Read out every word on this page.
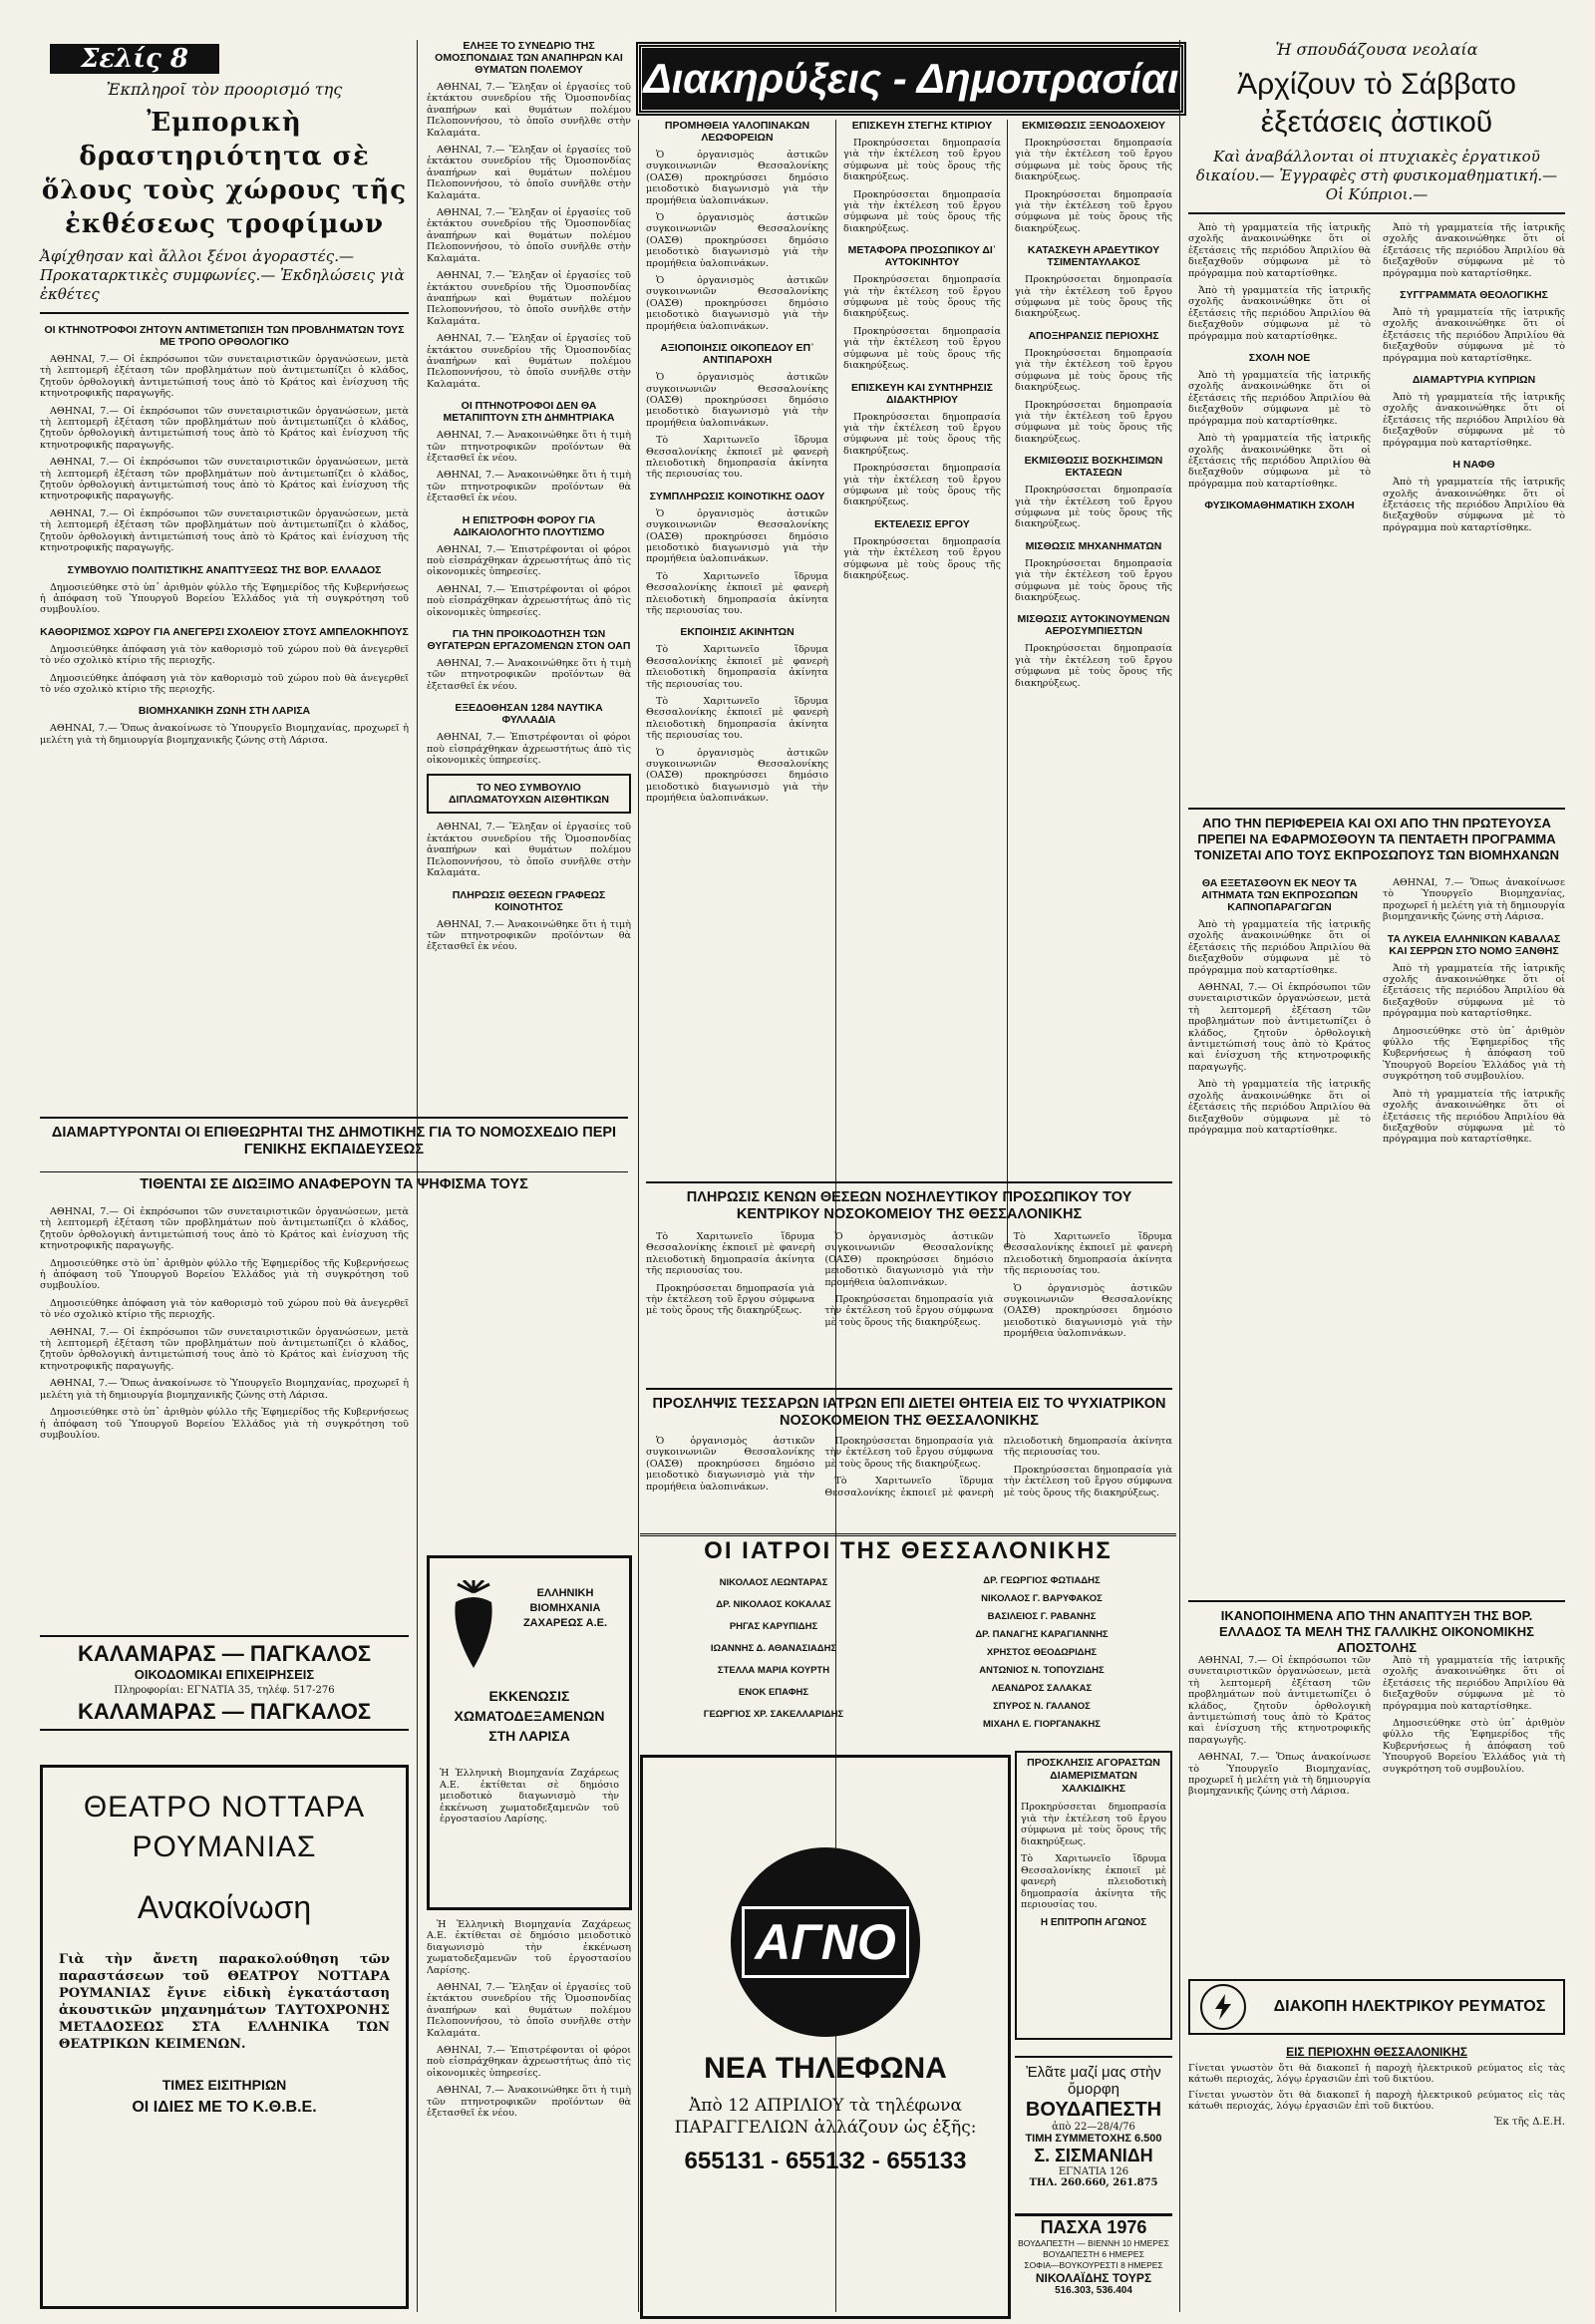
Σελίς 8	Διακηρύξεις - Δημοπρασίαι
Ἐκπληροῖ τὸν προορισμό της
Ἐμπορικὴ δραστηριότητα σὲ ὅλους τοὺς χώρους τῆς ἐκθέσεως τροφίμων
Ἀφίχθησαν καὶ ἄλλοι ξένοι ἀγοραστές.— Προκαταρκτικὲς συμφωνίες.— Ἐκδηλώσεις γιὰ ἐκθέτες
ΟΙ ΚΤΗΝΟΤΡΟΦΟΙ ΖΗΤΟΥΝ ΑΝΤΙΜΕΤΩΠΙΣΗ ΤΩΝ ΠΡΟΒΛΗΜΑΤΩΝ ΤΟΥΣ ΜΕ ΤΡΟΠΟ ΟΡΘΟΛΟΓΙΚΟ

ΑΘΗΝΑΙ, 7.— Οἱ ἐκπρόσωποι τῶν συνεταιριστικῶν ὀργανώσεων, μετὰ τὴ λεπτομερῆ ἐξέταση τῶν προβλημάτων ποὺ ἀντιμετωπίζει ὁ κλάδος, ζητοῦν ὀρθολογικὴ ἀντιμετώπισή τους ἀπὸ τὸ Κράτος καὶ ἐνίσχυση τῆς κτηνοτροφικῆς παραγωγῆς.

ΑΘΗΝΑΙ, 7.— Οἱ ἐκπρόσωποι τῶν συνεταιριστικῶν ὀργανώσεων, μετὰ τὴ λεπτομερῆ ἐξέταση τῶν προβλημάτων ποὺ ἀντιμετωπίζει ὁ κλάδος, ζητοῦν ὀρθολογικὴ ἀντιμετώπισή τους ἀπὸ τὸ Κράτος καὶ ἐνίσχυση τῆς κτηνοτροφικῆς παραγωγῆς.

ΑΘΗΝΑΙ, 7.— Οἱ ἐκπρόσωποι τῶν συνεταιριστικῶν ὀργανώσεων, μετὰ τὴ λεπτομερῆ ἐξέταση τῶν προβλημάτων ποὺ ἀντιμετωπίζει ὁ κλάδος, ζητοῦν ὀρθολογικὴ ἀντιμετώπισή τους ἀπὸ τὸ Κράτος καὶ ἐνίσχυση τῆς κτηνοτροφικῆς παραγωγῆς.

ΑΘΗΝΑΙ, 7.— Οἱ ἐκπρόσωποι τῶν συνεταιριστικῶν ὀργανώσεων, μετὰ τὴ λεπτομερῆ ἐξέταση τῶν προβλημάτων ποὺ ἀντιμετωπίζει ὁ κλάδος, ζητοῦν ὀρθολογικὴ ἀντιμετώπισή τους ἀπὸ τὸ Κράτος καὶ ἐνίσχυση τῆς κτηνοτροφικῆς παραγωγῆς.

ΣΥΜΒΟΥΛΙΟ ΠΟΛΙΤΙΣΤΙΚΗΣ ΑΝΑΠΤΥΞΕΩΣ ΤΗΣ ΒΟΡ. ΕΛΛΑΔΟΣ

Δημοσιεύθηκε στὸ ὑπ᾿ ἀριθμὸν φύλλο τῆς Ἐφημερίδος τῆς Κυβερνήσεως ἡ ἀπόφαση τοῦ Ὑπουργοῦ Βορείου Ἑλλάδος γιὰ τὴ συγκρότηση τοῦ συμβουλίου.

ΚΑΘΟΡΙΣΜΟΣ ΧΩΡΟΥ ΓΙΑ ΑΝΕΓΕΡΣΙ ΣΧΟΛΕΙΟΥ ΣΤΟΥΣ ΑΜΠΕΛΟΚΗΠΟΥΣ

Δημοσιεύθηκε ἀπόφαση γιὰ τὸν καθορισμὸ τοῦ χώρου ποὺ θὰ ἀνεγερθεῖ τὸ νέο σχολικὸ κτίριο τῆς περιοχῆς.

Δημοσιεύθηκε ἀπόφαση γιὰ τὸν καθορισμὸ τοῦ χώρου ποὺ θὰ ἀνεγερθεῖ τὸ νέο σχολικὸ κτίριο τῆς περιοχῆς.

ΒΙΟΜΗΧΑΝΙΚΗ ΖΩΝΗ ΣΤΗ ΛΑΡΙΣΑ

ΑΘΗΝΑΙ, 7.— Ὅπως ἀνακοίνωσε τὸ Ὑπουργεῖο Βιομηχανίας, προχωρεῖ ἡ μελέτη γιὰ τὴ δημιουργία βιομηχανικῆς ζώνης στὴ Λάρισα.

ΔΙΑΜΑΡΤΥΡΟΝΤΑΙ ΟΙ ΕΠΙΘΕΩΡΗΤΑΙ ΤΗΣ ΔΗΜΟΤΙΚΗΣ ΓΙΑ ΤΟ ΝΟΜΟΣΧΕΔΙΟ ΠΕΡΙ ΓΕΝΙΚΗΣ ΕΚΠΑΙΔΕΥΣΕΩΣ
ΤΙΘΕΝΤΑΙ ΣΕ ΔΙΩΞΙΜΟ ΑΝΑΦΕΡΟΥΝ ΤΑ ΨΗΦΙΣΜΑ ΤΟΥΣ

ΑΘΗΝΑΙ, 7.— Οἱ ἐκπρόσωποι τῶν συνεταιριστικῶν ὀργανώσεων, μετὰ τὴ λεπτομερῆ ἐξέταση τῶν προβλημάτων ποὺ ἀντιμετωπίζει ὁ κλάδος, ζητοῦν ὀρθολογικὴ ἀντιμετώπισή τους ἀπὸ τὸ Κράτος καὶ ἐνίσχυση τῆς κτηνοτροφικῆς παραγωγῆς.

Δημοσιεύθηκε στὸ ὑπ᾿ ἀριθμὸν φύλλο τῆς Ἐφημερίδος τῆς Κυβερνήσεως ἡ ἀπόφαση τοῦ Ὑπουργοῦ Βορείου Ἑλλάδος γιὰ τὴ συγκρότηση τοῦ συμβουλίου.

Δημοσιεύθηκε ἀπόφαση γιὰ τὸν καθορισμὸ τοῦ χώρου ποὺ θὰ ἀνεγερθεῖ τὸ νέο σχολικὸ κτίριο τῆς περιοχῆς.

ΑΘΗΝΑΙ, 7.— Οἱ ἐκπρόσωποι τῶν συνεταιριστικῶν ὀργανώσεων, μετὰ τὴ λεπτομερῆ ἐξέταση τῶν προβλημάτων ποὺ ἀντιμετωπίζει ὁ κλάδος, ζητοῦν ὀρθολογικὴ ἀντιμετώπισή τους ἀπὸ τὸ Κράτος καὶ ἐνίσχυση τῆς κτηνοτροφικῆς παραγωγῆς.

ΑΘΗΝΑΙ, 7.— Ὅπως ἀνακοίνωσε τὸ Ὑπουργεῖο Βιομηχανίας, προχωρεῖ ἡ μελέτη γιὰ τὴ δημιουργία βιομηχανικῆς ζώνης στὴ Λάρισα.

Δημοσιεύθηκε στὸ ὑπ᾿ ἀριθμὸν φύλλο τῆς Ἐφημερίδος τῆς Κυβερνήσεως ἡ ἀπόφαση τοῦ Ὑπουργοῦ Βορείου Ἑλλάδος γιὰ τὴ συγκρότηση τοῦ συμβουλίου.

ΚΑΛΑΜΑΡΑΣ — ΠΑΓΚΑΛΟΣ
ΟΙΚΟΔΟΜΙΚΑΙ ΕΠΙΧΕΙΡΗΣΕΙΣ
Πληροφορίαι: ΕΓΝΑΤΙΑ 35, τηλέφ. 517-276
ΚΑΛΑΜΑΡΑΣ — ΠΑΓΚΑΛΟΣ
ΘΕΑΤΡΟ ΝΟΤΤΑΡΑ ΡΟΥΜΑΝΙΑΣ
Ανακοίνωση
Γιὰ τὴν ἄνετη παρακολούθηση τῶν παραστάσεων τοῦ ΘΕΑΤΡΟΥ ΝΟΤΤΑΡΑ ΡΟΥΜΑΝΙΑΣ ἔγινε εἰδικὴ ἐγκατάσταση ἀκουστικῶν μηχανημάτων ΤΑΥΤΟΧΡΟΝΗΣ ΜΕΤΑΔΟΣΕΩΣ ΣΤΑ ΕΛΛΗΝΙΚΑ ΤΩΝ ΘΕΑΤΡΙΚΩΝ ΚΕΙΜΕΝΩΝ.
ΤΙΜΕΣ ΕΙΣΙΤΗΡΙΩΝ
ΟΙ ΙΔΙΕΣ ΜΕ ΤΟ Κ.Θ.Β.Ε.
ΕΛΗΞΕ ΤΟ ΣΥΝΕΔΡΙΟ ΤΗΣ ΟΜΟΣΠΟΝΔΙΑΣ ΤΩΝ ΑΝΑΠΗΡΩΝ ΚΑΙ ΘΥΜΑΤΩΝ ΠΟΛΕΜΟΥ

ΑΘΗΝΑΙ, 7.— Ἔληξαν οἱ ἐργασίες τοῦ ἐκτάκτου συνεδρίου τῆς Ὁμοσπονδίας ἀναπήρων καὶ θυμάτων πολέμου Πελοποννήσου, τὸ ὁποῖο συνῆλθε στὴν Καλαμάτα.

ΑΘΗΝΑΙ, 7.— Ἔληξαν οἱ ἐργασίες τοῦ ἐκτάκτου συνεδρίου τῆς Ὁμοσπονδίας ἀναπήρων καὶ θυμάτων πολέμου Πελοποννήσου, τὸ ὁποῖο συνῆλθε στὴν Καλαμάτα.

ΑΘΗΝΑΙ, 7.— Ἔληξαν οἱ ἐργασίες τοῦ ἐκτάκτου συνεδρίου τῆς Ὁμοσπονδίας ἀναπήρων καὶ θυμάτων πολέμου Πελοποννήσου, τὸ ὁποῖο συνῆλθε στὴν Καλαμάτα.

ΑΘΗΝΑΙ, 7.— Ἔληξαν οἱ ἐργασίες τοῦ ἐκτάκτου συνεδρίου τῆς Ὁμοσπονδίας ἀναπήρων καὶ θυμάτων πολέμου Πελοποννήσου, τὸ ὁποῖο συνῆλθε στὴν Καλαμάτα.

ΑΘΗΝΑΙ, 7.— Ἔληξαν οἱ ἐργασίες τοῦ ἐκτάκτου συνεδρίου τῆς Ὁμοσπονδίας ἀναπήρων καὶ θυμάτων πολέμου Πελοποννήσου, τὸ ὁποῖο συνῆλθε στὴν Καλαμάτα.

ΟΙ ΠΤΗΝΟΤΡΟΦΟΙ ΔΕΝ ΘΑ ΜΕΤΑΠΙΠΤΟΥΝ ΣΤΗ ΔΗΜΗΤΡΙΑΚΑ

ΑΘΗΝΑΙ, 7.— Ἀνακοινώθηκε ὅτι ἡ τιμὴ τῶν πτηνοτροφικῶν προϊόντων θὰ ἐξετασθεῖ ἐκ νέου.

ΑΘΗΝΑΙ, 7.— Ἀνακοινώθηκε ὅτι ἡ τιμὴ τῶν πτηνοτροφικῶν προϊόντων θὰ ἐξετασθεῖ ἐκ νέου.

Η ΕΠΙΣΤΡΟΦΗ ΦΟΡΟΥ ΓΙΑ ΑΔΙΚΑΙΟΛΟΓΗΤΟ ΠΛΟΥΤΙΣΜΟ

ΑΘΗΝΑΙ, 7.— Ἐπιστρέφονται οἱ φόροι ποὺ εἰσπράχθηκαν ἀχρεωστήτως ἀπὸ τὶς οἰκονομικὲς ὑπηρεσίες.

ΑΘΗΝΑΙ, 7.— Ἐπιστρέφονται οἱ φόροι ποὺ εἰσπράχθηκαν ἀχρεωστήτως ἀπὸ τὶς οἰκονομικὲς ὑπηρεσίες.

ΓΙΑ ΤΗΝ ΠΡΟΙΚΟΔΟΤΗΣΗ ΤΩΝ ΘΥΓΑΤΕΡΩΝ ΕΡΓΑΖΟΜΕΝΩΝ ΣΤΟΝ ΟΑΠ

ΑΘΗΝΑΙ, 7.— Ἀνακοινώθηκε ὅτι ἡ τιμὴ τῶν πτηνοτροφικῶν προϊόντων θὰ ἐξετασθεῖ ἐκ νέου.

ΕΞΕΔΟΘΗΣΑΝ 1284 ΝΑΥΤΙΚΑ ΦΥΛΛΑΔΙΑ

ΑΘΗΝΑΙ, 7.— Ἐπιστρέφονται οἱ φόροι ποὺ εἰσπράχθηκαν ἀχρεωστήτως ἀπὸ τὶς οἰκονομικὲς ὑπηρεσίες.

ΤΟ ΝΕΟ ΣΥΜΒΟΥΛΙΟ ΔΙΠΛΩΜΑΤΟΥΧΩΝ ΑΙΣΘΗΤΙΚΩΝ

ΑΘΗΝΑΙ, 7.— Ἔληξαν οἱ ἐργασίες τοῦ ἐκτάκτου συνεδρίου τῆς Ὁμοσπονδίας ἀναπήρων καὶ θυμάτων πολέμου Πελοποννήσου, τὸ ὁποῖο συνῆλθε στὴν Καλαμάτα.

ΠΛΗΡΩΣΙΣ ΘΕΣΕΩΝ ΓΡΑΦΕΩΣ ΚΟΙΝΟΤΗΤΟΣ

ΑΘΗΝΑΙ, 7.— Ἀνακοινώθηκε ὅτι ἡ τιμὴ τῶν πτηνοτροφικῶν προϊόντων θὰ ἐξετασθεῖ ἐκ νέου.

ΕΛΛΗΝΙΚΗ
ΒΙΟΜΗΧΑΝΙΑ
ΖΑΧΑΡΕΩΣ Α.Ε.
ΕΚΚΕΝΩΣΙΣ ΧΩΜΑΤΟΔΕΞΑΜΕΝΩΝ ΣΤΗ ΛΑΡΙΣΑ
Ἡ Ἑλληνικὴ Βιομηχανία Ζαχάρεως Α.Ε. ἐκτίθεται σὲ δημόσιο μειοδοτικὸ διαγωνισμὸ τὴν ἐκκένωση χωματοδεξαμενῶν τοῦ ἐργοστασίου Λαρίσης.

Ἡ Ἑλληνικὴ Βιομηχανία Ζαχάρεως Α.Ε. ἐκτίθεται σὲ δημόσιο μειοδοτικὸ διαγωνισμὸ τὴν ἐκκένωση χωματοδεξαμενῶν τοῦ ἐργοστασίου Λαρίσης.

ΑΘΗΝΑΙ, 7.— Ἔληξαν οἱ ἐργασίες τοῦ ἐκτάκτου συνεδρίου τῆς Ὁμοσπονδίας ἀναπήρων καὶ θυμάτων πολέμου Πελοποννήσου, τὸ ὁποῖο συνῆλθε στὴν Καλαμάτα.

ΑΘΗΝΑΙ, 7.— Ἐπιστρέφονται οἱ φόροι ποὺ εἰσπράχθηκαν ἀχρεωστήτως ἀπὸ τὶς οἰκονομικὲς ὑπηρεσίες.

ΑΘΗΝΑΙ, 7.— Ἀνακοινώθηκε ὅτι ἡ τιμὴ τῶν πτηνοτροφικῶν προϊόντων θὰ ἐξετασθεῖ ἐκ νέου.

ΠΡΟΜΗΘΕΙΑ ΥΑΛΟΠΙΝΑΚΩΝ ΛΕΩΦΟΡΕΙΩΝ

Ὁ ὀργανισμὸς ἀστικῶν συγκοινωνιῶν Θεσσαλονίκης (ΟΑΣΘ) προκηρύσσει δημόσιο μειοδοτικὸ διαγωνισμὸ γιὰ τὴν προμήθεια ὑαλοπινάκων.

Ὁ ὀργανισμὸς ἀστικῶν συγκοινωνιῶν Θεσσαλονίκης (ΟΑΣΘ) προκηρύσσει δημόσιο μειοδοτικὸ διαγωνισμὸ γιὰ τὴν προμήθεια ὑαλοπινάκων.

Ὁ ὀργανισμὸς ἀστικῶν συγκοινωνιῶν Θεσσαλονίκης (ΟΑΣΘ) προκηρύσσει δημόσιο μειοδοτικὸ διαγωνισμὸ γιὰ τὴν προμήθεια ὑαλοπινάκων.

ΑΞΙΟΠΟΙΗΣΙΣ ΟΙΚΟΠΕΔΟΥ ΕΠ᾿ ΑΝΤΙΠΑΡΟΧΗ

Ὁ ὀργανισμὸς ἀστικῶν συγκοινωνιῶν Θεσσαλονίκης (ΟΑΣΘ) προκηρύσσει δημόσιο μειοδοτικὸ διαγωνισμὸ γιὰ τὴν προμήθεια ὑαλοπινάκων.

Τὸ Χαριτωνεῖο ἵδρυμα Θεσσαλονίκης ἐκποιεῖ μὲ φανερὴ πλειοδοτικὴ δημοπρασία ἀκίνητα τῆς περιουσίας του.

ΣΥΜΠΛΗΡΩΣΙΣ ΚΟΙΝΟΤΙΚΗΣ ΟΔΟΥ

Ὁ ὀργανισμὸς ἀστικῶν συγκοινωνιῶν Θεσσαλονίκης (ΟΑΣΘ) προκηρύσσει δημόσιο μειοδοτικὸ διαγωνισμὸ γιὰ τὴν προμήθεια ὑαλοπινάκων.

Τὸ Χαριτωνεῖο ἵδρυμα Θεσσαλονίκης ἐκποιεῖ μὲ φανερὴ πλειοδοτικὴ δημοπρασία ἀκίνητα τῆς περιουσίας του.

ΕΚΠΟΙΗΣΙΣ ΑΚΙΝΗΤΩΝ

Τὸ Χαριτωνεῖο ἵδρυμα Θεσσαλονίκης ἐκποιεῖ μὲ φανερὴ πλειοδοτικὴ δημοπρασία ἀκίνητα τῆς περιουσίας του.

Τὸ Χαριτωνεῖο ἵδρυμα Θεσσαλονίκης ἐκποιεῖ μὲ φανερὴ πλειοδοτικὴ δημοπρασία ἀκίνητα τῆς περιουσίας του.

Ὁ ὀργανισμὸς ἀστικῶν συγκοινωνιῶν Θεσσαλονίκης (ΟΑΣΘ) προκηρύσσει δημόσιο μειοδοτικὸ διαγωνισμὸ γιὰ τὴν προμήθεια ὑαλοπινάκων.

ΕΠΙΣΚΕΥΗ ΣΤΕΓΗΣ ΚΤΙΡΙΟΥ

Προκηρύσσεται δημοπρασία γιὰ τὴν ἐκτέλεση τοῦ ἔργου σύμφωνα μὲ τοὺς ὅρους τῆς διακηρύξεως.

Προκηρύσσεται δημοπρασία γιὰ τὴν ἐκτέλεση τοῦ ἔργου σύμφωνα μὲ τοὺς ὅρους τῆς διακηρύξεως.

ΜΕΤΑΦΟΡΑ ΠΡΟΣΩΠΙΚΟΥ ΔΙ᾿ ΑΥΤΟΚΙΝΗΤΟΥ

Προκηρύσσεται δημοπρασία γιὰ τὴν ἐκτέλεση τοῦ ἔργου σύμφωνα μὲ τοὺς ὅρους τῆς διακηρύξεως.

Προκηρύσσεται δημοπρασία γιὰ τὴν ἐκτέλεση τοῦ ἔργου σύμφωνα μὲ τοὺς ὅρους τῆς διακηρύξεως.

ΕΠΙΣΚΕΥΗ ΚΑΙ ΣΥΝΤΗΡΗΣΙΣ ΔΙΔΑΚΤΗΡΙΟΥ

Προκηρύσσεται δημοπρασία γιὰ τὴν ἐκτέλεση τοῦ ἔργου σύμφωνα μὲ τοὺς ὅρους τῆς διακηρύξεως.

Προκηρύσσεται δημοπρασία γιὰ τὴν ἐκτέλεση τοῦ ἔργου σύμφωνα μὲ τοὺς ὅρους τῆς διακηρύξεως.

ΕΚΤΕΛΕΣΙΣ ΕΡΓΟΥ

Προκηρύσσεται δημοπρασία γιὰ τὴν ἐκτέλεση τοῦ ἔργου σύμφωνα μὲ τοὺς ὅρους τῆς διακηρύξεως.

ΕΚΜΙΣΘΩΣΙΣ ΞΕΝΟΔΟΧΕΙΟΥ

Προκηρύσσεται δημοπρασία γιὰ τὴν ἐκτέλεση τοῦ ἔργου σύμφωνα μὲ τοὺς ὅρους τῆς διακηρύξεως.

Προκηρύσσεται δημοπρασία γιὰ τὴν ἐκτέλεση τοῦ ἔργου σύμφωνα μὲ τοὺς ὅρους τῆς διακηρύξεως.

ΚΑΤΑΣΚΕΥΗ ΑΡΔΕΥΤΙΚΟΥ ΤΣΙΜΕΝΤΑΥΛΑΚΟΣ

Προκηρύσσεται δημοπρασία γιὰ τὴν ἐκτέλεση τοῦ ἔργου σύμφωνα μὲ τοὺς ὅρους τῆς διακηρύξεως.

ΑΠΟΞΗΡΑΝΣΙΣ ΠΕΡΙΟΧΗΣ

Προκηρύσσεται δημοπρασία γιὰ τὴν ἐκτέλεση τοῦ ἔργου σύμφωνα μὲ τοὺς ὅρους τῆς διακηρύξεως.

Προκηρύσσεται δημοπρασία γιὰ τὴν ἐκτέλεση τοῦ ἔργου σύμφωνα μὲ τοὺς ὅρους τῆς διακηρύξεως.

ΕΚΜΙΣΘΩΣΙΣ ΒΟΣΚΗΣΙΜΩΝ ΕΚΤΑΣΕΩΝ

Προκηρύσσεται δημοπρασία γιὰ τὴν ἐκτέλεση τοῦ ἔργου σύμφωνα μὲ τοὺς ὅρους τῆς διακηρύξεως.

ΜΙΣΘΩΣΙΣ ΜΗΧΑΝΗΜΑΤΩΝ

Προκηρύσσεται δημοπρασία γιὰ τὴν ἐκτέλεση τοῦ ἔργου σύμφωνα μὲ τοὺς ὅρους τῆς διακηρύξεως.

ΜΙΣΘΩΣΙΣ ΑΥΤΟΚΙΝΟΥΜΕΝΩΝ ΑΕΡΟΣΥΜΠΙΕΣΤΩΝ

Προκηρύσσεται δημοπρασία γιὰ τὴν ἐκτέλεση τοῦ ἔργου σύμφωνα μὲ τοὺς ὅρους τῆς διακηρύξεως.

ΠΛΗΡΩΣΙΣ ΚΕΝΩΝ ΘΕΣΕΩΝ ΝΟΣΗΛΕΥΤΙΚΟΥ ΠΡΟΣΩΠΙΚΟΥ ΤΟΥ ΚΕΝΤΡΙΚΟΥ ΝΟΣΟΚΟΜΕΙΟΥ ΤΗΣ ΘΕΣΣΑΛΟΝΙΚΗΣ

Τὸ Χαριτωνεῖο ἵδρυμα Θεσσαλονίκης ἐκποιεῖ μὲ φανερὴ πλειοδοτικὴ δημοπρασία ἀκίνητα τῆς περιουσίας του.

Προκηρύσσεται δημοπρασία γιὰ τὴν ἐκτέλεση τοῦ ἔργου σύμφωνα μὲ τοὺς ὅρους τῆς διακηρύξεως.

Ὁ ὀργανισμὸς ἀστικῶν συγκοινωνιῶν Θεσσαλονίκης (ΟΑΣΘ) προκηρύσσει δημόσιο μειοδοτικὸ διαγωνισμὸ γιὰ τὴν προμήθεια ὑαλοπινάκων.

Προκηρύσσεται δημοπρασία γιὰ τὴν ἐκτέλεση τοῦ ἔργου σύμφωνα μὲ τοὺς ὅρους τῆς διακηρύξεως.

Τὸ Χαριτωνεῖο ἵδρυμα Θεσσαλονίκης ἐκποιεῖ μὲ φανερὴ πλειοδοτικὴ δημοπρασία ἀκίνητα τῆς περιουσίας του.

Ὁ ὀργανισμὸς ἀστικῶν συγκοινωνιῶν Θεσσαλονίκης (ΟΑΣΘ) προκηρύσσει δημόσιο μειοδοτικὸ διαγωνισμὸ γιὰ τὴν προμήθεια ὑαλοπινάκων.

ΠΡΟΣΛΗΨΙΣ ΤΕΣΣΑΡΩΝ ΙΑΤΡΩΝ ΕΠΙ ΔΙΕΤΕΙ ΘΗΤΕΙΑ ΕΙΣ ΤΟ ΨΥΧΙΑΤΡΙΚΟΝ ΝΟΣΟΚΟΜΕΙΟΝ ΤΗΣ ΘΕΣΣΑΛΟΝΙΚΗΣ

Ὁ ὀργανισμὸς ἀστικῶν συγκοινωνιῶν Θεσσαλονίκης (ΟΑΣΘ) προκηρύσσει δημόσιο μειοδοτικὸ διαγωνισμὸ γιὰ τὴν προμήθεια ὑαλοπινάκων.

Προκηρύσσεται δημοπρασία γιὰ τὴν ἐκτέλεση τοῦ ἔργου σύμφωνα μὲ τοὺς ὅρους τῆς διακηρύξεως.

Τὸ Χαριτωνεῖο ἵδρυμα Θεσσαλονίκης ἐκποιεῖ μὲ φανερὴ πλειοδοτικὴ δημοπρασία ἀκίνητα τῆς περιουσίας του.

Προκηρύσσεται δημοπρασία γιὰ τὴν ἐκτέλεση τοῦ ἔργου σύμφωνα μὲ τοὺς ὅρους τῆς διακηρύξεως.

ΟΙ ΙΑΤΡΟΙ ΤΗΣ ΘΕΣΣΑΛΟΝΙΚΗΣ
ΝΙΚΟΛΑΟΣ ΛΕΩΝΤΑΡΑΣ
ΔΡ. ΝΙΚΟΛΑΟΣ ΚΟΚΑΛΑΣ
ΡΗΓΑΣ ΚΑΡΥΠΙΔΗΣ
ΙΩΑΝΝΗΣ Δ. ΑΘΑΝΑΣΙΑΔΗΣ
ΣΤΕΛΛΑ ΜΑΡΙΑ ΚΟΥΡΤΗ
ΕΝΟΚ ΕΠΑΦΗΣ
ΓΕΩΡΓΙΟΣ ΧΡ. ΣΑΚΕΛΛΑΡΙΔΗΣ
ΔΡ. ΓΕΩΡΓΙΟΣ ΦΩΤΙΑΔΗΣ
ΝΙΚΟΛΑΟΣ Γ. ΒΑΡΥΦΑΚΟΣ
ΒΑΣΙΛΕΙΟΣ Γ. ΡΑΒΑΝΗΣ
ΔΡ. ΠΑΝΑΓΗΣ ΚΑΡΑΓΙΑΝΝΗΣ
ΧΡΗΣΤΟΣ ΘΕΟΔΩΡΙΔΗΣ
ΑΝΤΩΝΙΟΣ Ν. ΤΟΠΟΥΖΙΔΗΣ
ΛΕΑΝΔΡΟΣ ΣΑΛΑΚΑΣ
ΣΠΥΡΟΣ Ν. ΓΑΛΑΝΟΣ
ΜΙΧΑΗΛ Ε. ΓΙΟΡΓΑΝΑΚΗΣ
ΠΡΟΣΚΛΗΣΙΣ ΑΓΟΡΑΣΤΩΝ ΔΙΑΜΕΡΙΣΜΑΤΩΝ ΧΑΛΚΙΔΙΚΗΣ

Προκηρύσσεται δημοπρασία γιὰ τὴν ἐκτέλεση τοῦ ἔργου σύμφωνα μὲ τοὺς ὅρους τῆς διακηρύξεως.

Τὸ Χαριτωνεῖο ἵδρυμα Θεσσαλονίκης ἐκποιεῖ μὲ φανερὴ πλειοδοτικὴ δημοπρασία ἀκίνητα τῆς περιουσίας του.

Η ΕΠΙΤΡΟΠΗ ΑΓΩΝΟΣ
Ἐλᾶτε μαζί μας στὴν ὄμορφη
ΒΟΥΔΑΠΕΣΤΗ
ἀπὸ 22—28/4/76
ΤΙΜΗ ΣΥΜΜΕΤΟΧΗΣ 6.500
Σ. ΣΙΣΜΑΝΙΔΗ
ΕΓΝΑΤΙΑ 126
ΤΗΛ. 260.660, 261.875
ΑΓΝΟ
ΝΕΑ ΤΗΛΕΦΩΝΑ
Ἀπὸ 12 ΑΠΡΙΛΙΟΥ τὰ τηλέφωνα ΠΑΡΑΓΓΕΛΙΩΝ ἀλλάζουν ὡς ἐξῆς:
655131 - 655132 - 655133
Ἡ σπουδάζουσα νεολαία
Ἀρχίζουν τὸ Σάββατο ἐξετάσεις ἀστικοῦ
Καὶ ἀναβάλλονται οἱ πτυχιακὲς ἐργατικοῦ δικαίου.— Ἐγγραφὲς στὴ φυσικομαθηματική.— Οἱ Κύπριοι.—

Ἀπὸ τὴ γραμματεία τῆς ἰατρικῆς σχολῆς ἀνακοινώθηκε ὅτι οἱ ἐξετάσεις τῆς περιόδου Ἀπριλίου θὰ διεξαχθοῦν σύμφωνα μὲ τὸ πρόγραμμα ποὺ καταρτίσθηκε.

Ἀπὸ τὴ γραμματεία τῆς ἰατρικῆς σχολῆς ἀνακοινώθηκε ὅτι οἱ ἐξετάσεις τῆς περιόδου Ἀπριλίου θὰ διεξαχθοῦν σύμφωνα μὲ τὸ πρόγραμμα ποὺ καταρτίσθηκε.

ΣΧΟΛΗ ΝΟΕ

Ἀπὸ τὴ γραμματεία τῆς ἰατρικῆς σχολῆς ἀνακοινώθηκε ὅτι οἱ ἐξετάσεις τῆς περιόδου Ἀπριλίου θὰ διεξαχθοῦν σύμφωνα μὲ τὸ πρόγραμμα ποὺ καταρτίσθηκε.

Ἀπὸ τὴ γραμματεία τῆς ἰατρικῆς σχολῆς ἀνακοινώθηκε ὅτι οἱ ἐξετάσεις τῆς περιόδου Ἀπριλίου θὰ διεξαχθοῦν σύμφωνα μὲ τὸ πρόγραμμα ποὺ καταρτίσθηκε.

ΦΥΣΙΚΟΜΑΘΗΜΑΤΙΚΗ ΣΧΟΛΗ

Ἀπὸ τὴ γραμματεία τῆς ἰατρικῆς σχολῆς ἀνακοινώθηκε ὅτι οἱ ἐξετάσεις τῆς περιόδου Ἀπριλίου θὰ διεξαχθοῦν σύμφωνα μὲ τὸ πρόγραμμα ποὺ καταρτίσθηκε.

ΣΥΓΓΡΑΜΜΑΤΑ ΘΕΟΛΟΓΙΚΗΣ

Ἀπὸ τὴ γραμματεία τῆς ἰατρικῆς σχολῆς ἀνακοινώθηκε ὅτι οἱ ἐξετάσεις τῆς περιόδου Ἀπριλίου θὰ διεξαχθοῦν σύμφωνα μὲ τὸ πρόγραμμα ποὺ καταρτίσθηκε.

ΔΙΑΜΑΡΤΥΡΙΑ ΚΥΠΡΙΩΝ

Ἀπὸ τὴ γραμματεία τῆς ἰατρικῆς σχολῆς ἀνακοινώθηκε ὅτι οἱ ἐξετάσεις τῆς περιόδου Ἀπριλίου θὰ διεξαχθοῦν σύμφωνα μὲ τὸ πρόγραμμα ποὺ καταρτίσθηκε.

Η ΝΑΦΘ

Ἀπὸ τὴ γραμματεία τῆς ἰατρικῆς σχολῆς ἀνακοινώθηκε ὅτι οἱ ἐξετάσεις τῆς περιόδου Ἀπριλίου θὰ διεξαχθοῦν σύμφωνα μὲ τὸ πρόγραμμα ποὺ καταρτίσθηκε.

ΑΠΟ ΤΗΝ ΠΕΡΙΦΕΡΕΙΑ ΚΑΙ ΟΧΙ ΑΠΟ ΤΗΝ ΠΡΩΤΕΥΟΥΣΑ ΠΡΕΠΕΙ ΝΑ ΕΦΑΡΜΟΣΘΟΥΝ ΤΑ ΠΕΝΤΑΕΤΗ ΠΡΟΓΡΑΜΜΑ ΤΟΝΙΖΕΤΑΙ ΑΠΟ ΤΟΥΣ ΕΚΠΡΟΣΩΠΟΥΣ ΤΩΝ ΒΙΟΜΗΧΑΝΩΝ
ΘΑ ΕΞΕΤΑΣΘΟΥΝ ΕΚ ΝΕΟΥ ΤΑ ΑΙΤΗΜΑΤΑ ΤΩΝ ΕΚΠΡΟΣΩΠΩΝ ΚΑΠΝΟΠΑΡΑΓΩΓΩΝ

Ἀπὸ τὴ γραμματεία τῆς ἰατρικῆς σχολῆς ἀνακοινώθηκε ὅτι οἱ ἐξετάσεις τῆς περιόδου Ἀπριλίου θὰ διεξαχθοῦν σύμφωνα μὲ τὸ πρόγραμμα ποὺ καταρτίσθηκε.

ΑΘΗΝΑΙ, 7.— Οἱ ἐκπρόσωποι τῶν συνεταιριστικῶν ὀργανώσεων, μετὰ τὴ λεπτομερῆ ἐξέταση τῶν προβλημάτων ποὺ ἀντιμετωπίζει ὁ κλάδος, ζητοῦν ὀρθολογικὴ ἀντιμετώπισή τους ἀπὸ τὸ Κράτος καὶ ἐνίσχυση τῆς κτηνοτροφικῆς παραγωγῆς.

Ἀπὸ τὴ γραμματεία τῆς ἰατρικῆς σχολῆς ἀνακοινώθηκε ὅτι οἱ ἐξετάσεις τῆς περιόδου Ἀπριλίου θὰ διεξαχθοῦν σύμφωνα μὲ τὸ πρόγραμμα ποὺ καταρτίσθηκε.

ΑΘΗΝΑΙ, 7.— Ὅπως ἀνακοίνωσε τὸ Ὑπουργεῖο Βιομηχανίας, προχωρεῖ ἡ μελέτη γιὰ τὴ δημιουργία βιομηχανικῆς ζώνης στὴ Λάρισα.

ΤΑ ΛΥΚΕΙΑ ΕΛΛΗΝΙΚΩΝ ΚΑΒΑΛΑΣ ΚΑΙ ΣΕΡΡΩΝ ΣΤΟ ΝΟΜΟ ΞΑΝΘΗΣ

Ἀπὸ τὴ γραμματεία τῆς ἰατρικῆς σχολῆς ἀνακοινώθηκε ὅτι οἱ ἐξετάσεις τῆς περιόδου Ἀπριλίου θὰ διεξαχθοῦν σύμφωνα μὲ τὸ πρόγραμμα ποὺ καταρτίσθηκε.

Δημοσιεύθηκε στὸ ὑπ᾿ ἀριθμὸν φύλλο τῆς Ἐφημερίδος τῆς Κυβερνήσεως ἡ ἀπόφαση τοῦ Ὑπουργοῦ Βορείου Ἑλλάδος γιὰ τὴ συγκρότηση τοῦ συμβουλίου.

Ἀπὸ τὴ γραμματεία τῆς ἰατρικῆς σχολῆς ἀνακοινώθηκε ὅτι οἱ ἐξετάσεις τῆς περιόδου Ἀπριλίου θὰ διεξαχθοῦν σύμφωνα μὲ τὸ πρόγραμμα ποὺ καταρτίσθηκε.

ΙΚΑΝΟΠΟΙΗΜΕΝΑ ΑΠΟ ΤΗΝ ΑΝΑΠΤΥΞΗ ΤΗΣ ΒΟΡ. ΕΛΛΑΔΟΣ ΤΑ ΜΕΛΗ ΤΗΣ ΓΑΛΛΙΚΗΣ ΟΙΚΟΝΟΜΙΚΗΣ ΑΠΟΣΤΟΛΗΣ

ΑΘΗΝΑΙ, 7.— Οἱ ἐκπρόσωποι τῶν συνεταιριστικῶν ὀργανώσεων, μετὰ τὴ λεπτομερῆ ἐξέταση τῶν προβλημάτων ποὺ ἀντιμετωπίζει ὁ κλάδος, ζητοῦν ὀρθολογικὴ ἀντιμετώπισή τους ἀπὸ τὸ Κράτος καὶ ἐνίσχυση τῆς κτηνοτροφικῆς παραγωγῆς.

ΑΘΗΝΑΙ, 7.— Ὅπως ἀνακοίνωσε τὸ Ὑπουργεῖο Βιομηχανίας, προχωρεῖ ἡ μελέτη γιὰ τὴ δημιουργία βιομηχανικῆς ζώνης στὴ Λάρισα.

Ἀπὸ τὴ γραμματεία τῆς ἰατρικῆς σχολῆς ἀνακοινώθηκε ὅτι οἱ ἐξετάσεις τῆς περιόδου Ἀπριλίου θὰ διεξαχθοῦν σύμφωνα μὲ τὸ πρόγραμμα ποὺ καταρτίσθηκε.

Δημοσιεύθηκε στὸ ὑπ᾿ ἀριθμὸν φύλλο τῆς Ἐφημερίδος τῆς Κυβερνήσεως ἡ ἀπόφαση τοῦ Ὑπουργοῦ Βορείου Ἑλλάδος γιὰ τὴ συγκρότηση τοῦ συμβουλίου.

ΔΙΑΚΟΠΗ ΗΛΕΚΤΡΙΚΟΥ ΡΕΥΜΑΤΟΣ
ΕΙΣ ΠΕΡΙΟΧΗΝ ΘΕΣΣΑΛΟΝΙΚΗΣ

Γίνεται γνωστὸν ὅτι θὰ διακοπεῖ ἡ παροχὴ ἠλεκτρικοῦ ρεύματος εἰς τὰς κάτωθι περιοχάς, λόγῳ ἐργασιῶν ἐπὶ τοῦ δικτύου.

Γίνεται γνωστὸν ὅτι θὰ διακοπεῖ ἡ παροχὴ ἠλεκτρικοῦ ρεύματος εἰς τὰς κάτωθι περιοχάς, λόγῳ ἐργασιῶν ἐπὶ τοῦ δικτύου.

Ἐκ τῆς Δ.Ε.Η.
ΠΑΣΧΑ 1976
ΒΟΥΔΑΠΕΣΤΗ — ΒΙΕΝΝΗ 10 ΗΜΕΡΕΣ
ΒΟΥΔΑΠΕΣΤΗ 6 ΗΜΕΡΕΣ
ΣΟΦΙΑ—ΒΟΥΚΟΥΡΕΣΤΙ 8 ΗΜΕΡΕΣ
ΝΙΚΟΛΑΪΔΗΣ ΤΟΥΡΣ
516.303, 536.404
